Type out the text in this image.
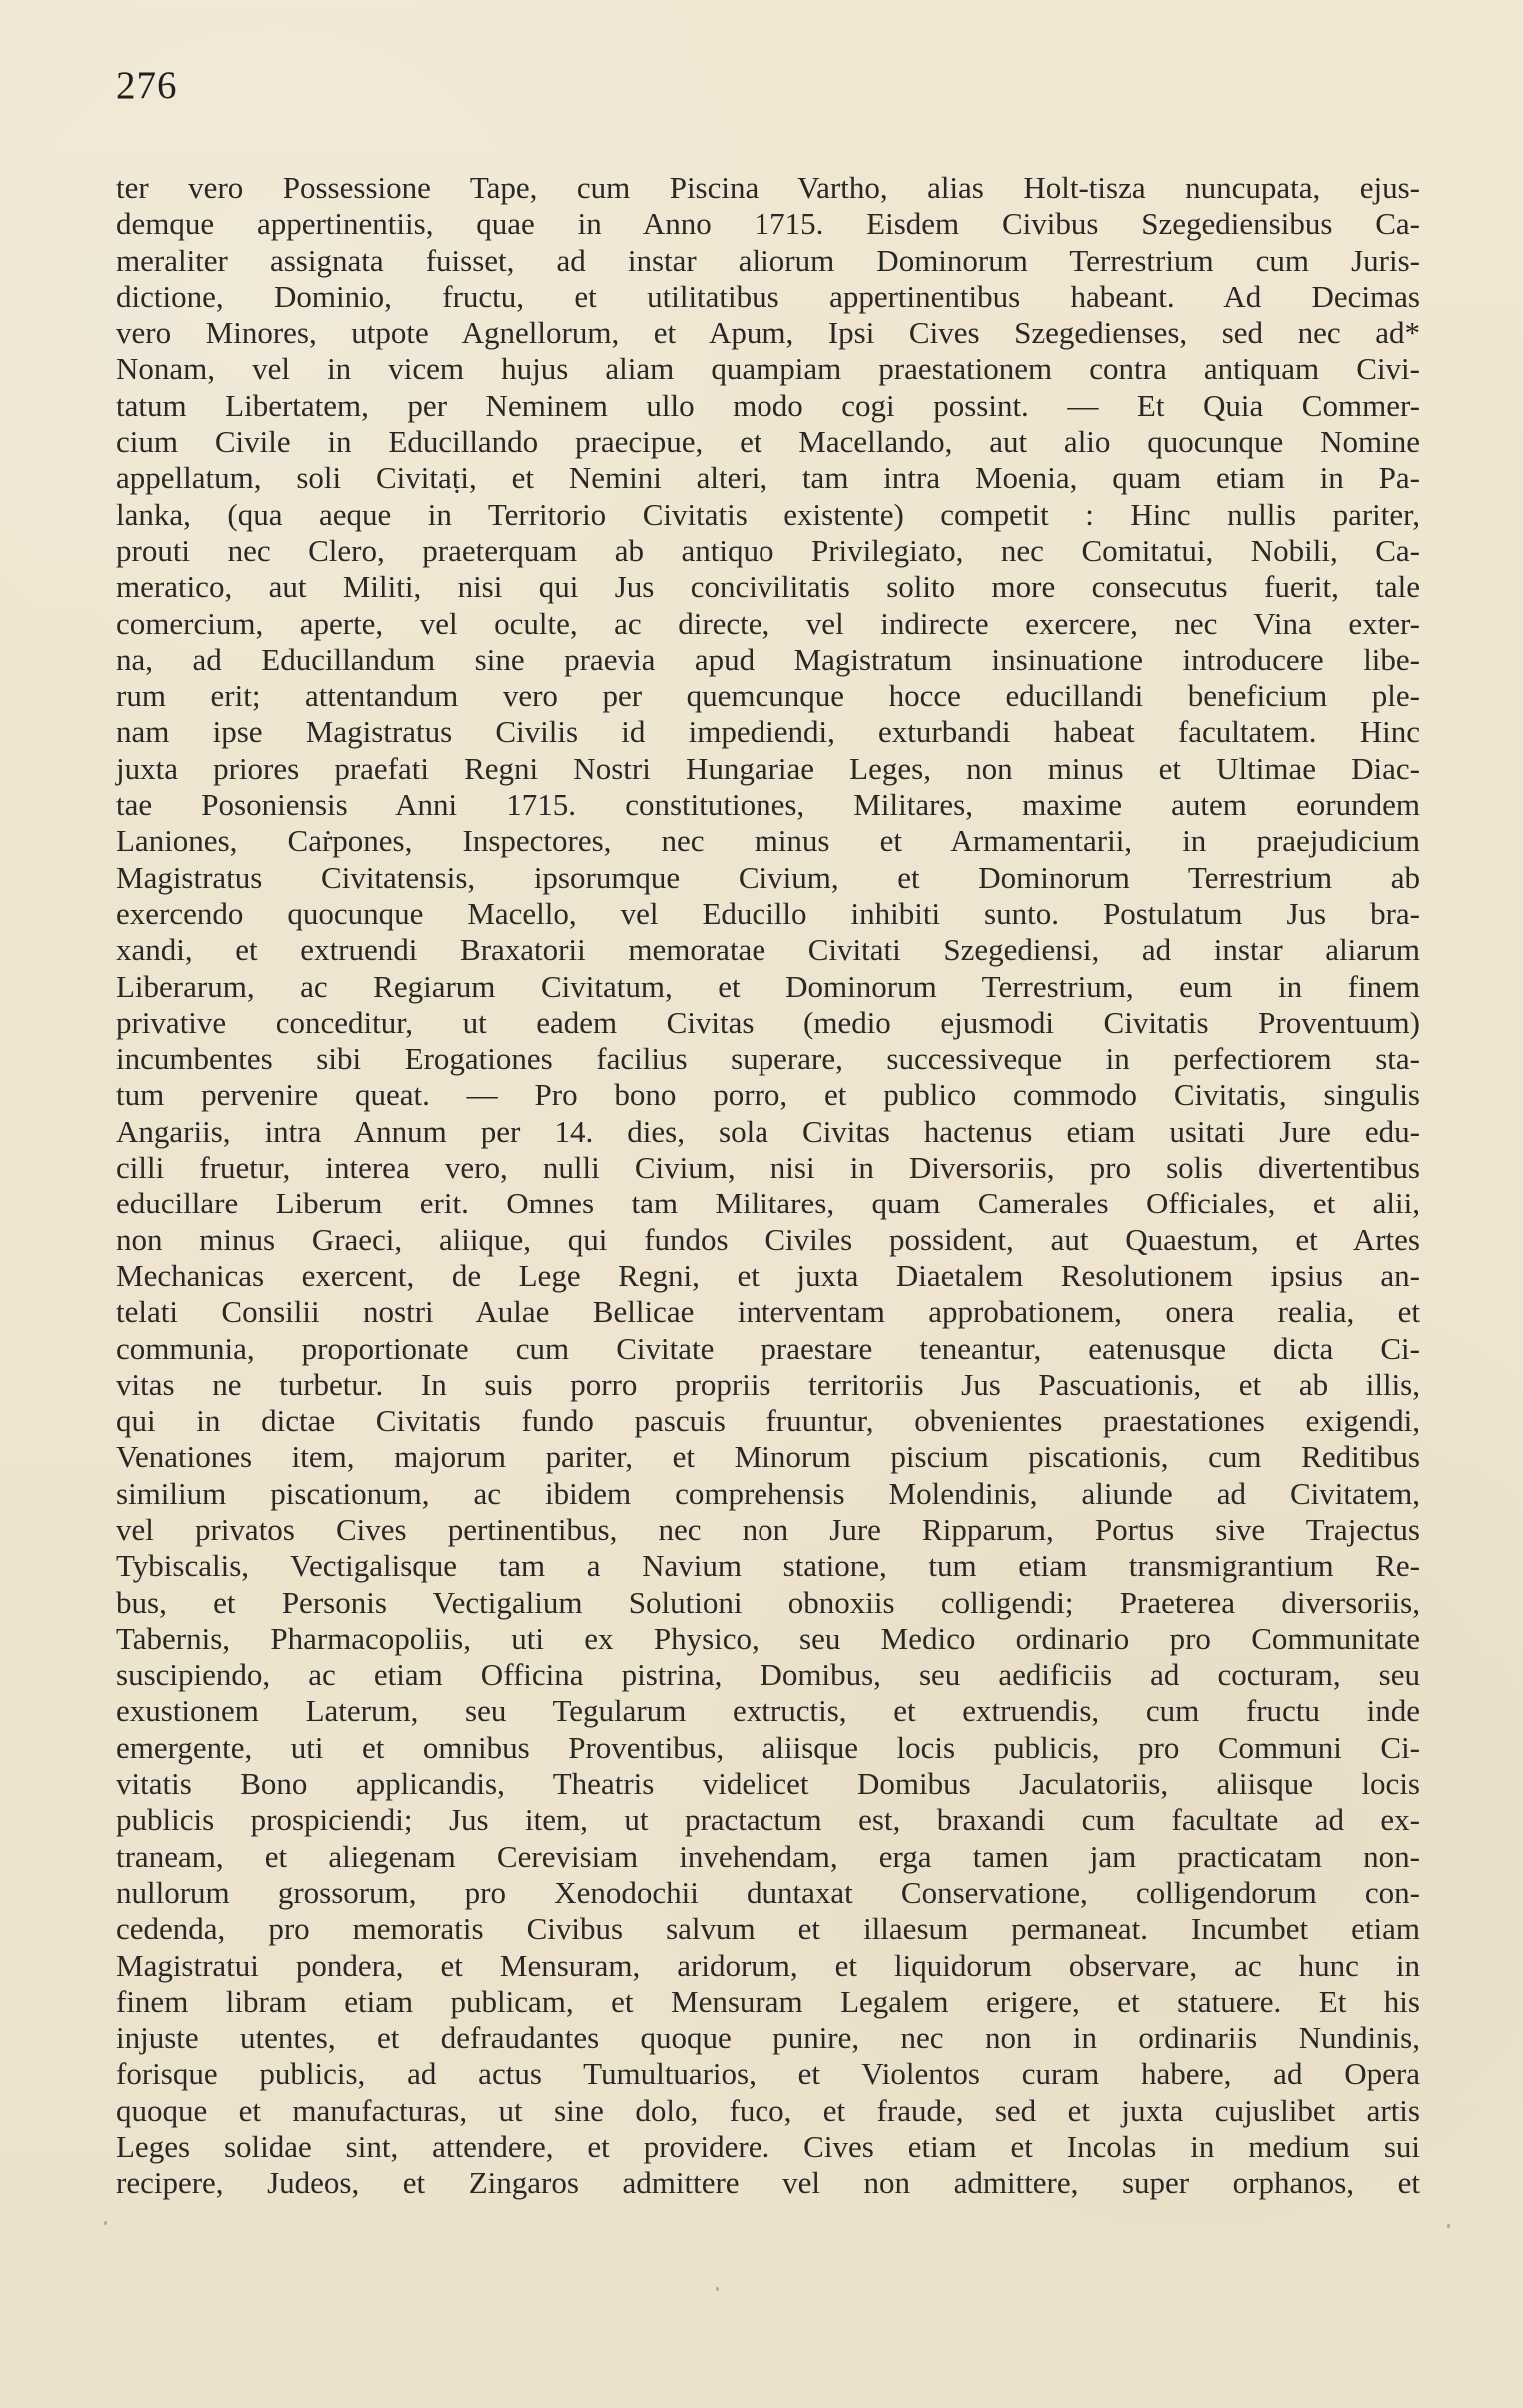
276
ter vero Possessione Tape, cum Piscina Vartho, alias Holt-tisza nuncupata, ejus-
demque appertinentiis, quae in Anno 1715. Eisdem Civibus Szegediensibus Ca-
meraliter assignata fuisset, ad instar aliorum Dominorum Terrestrium cum Juris-
dictione, Dominio, fructu, et utilitatibus appertinentibus habeant. Ad Decimas
vero Minores, utpote Agnellorum, et Apum, Ipsi Cives Szegedienses, sed nec ad*
Nonam, vel in vicem hujus aliam quampiam praestationem contra antiquam Civi-
tatum Libertatem, per Neminem ullo modo cogi possint. — Et Quia Commer-
cium Civile in Educillando praecipue, et Macellando, aut alio quocunque Nomine
appellatum, soli Civitaṭi, et Nemini alteri, tam intra Moenia, quam etiam in Pa-
lanka, (qua aeque in Territorio Civitatis existente) competit : Hinc nullis pariter,
prouti nec Clero, praeterquam ab antiquo Privilegiato, nec Comitatui, Nobili, Ca-
meratico, aut Militi, nisi qui Jus concivilitatis solito more consecutus fuerit, tale
comercium, aperte, vel oculte, ac directe, vel indirecte exercere, nec Vina exter-
na, ad Educillandum sine praevia apud Magistratum insinuatione introducere libe-
rum erit; attentandum vero per quemcunque hocce educillandi beneficium ple-
nam ipse Magistratus Civilis id impediendi, exturbandi habeat facultatem. Hinc
juxta priores praefati Regni Nostri Hungariae Leges, non minus et Ultimae Diac-
tae Posoniensis Anni 1715. constitutiones, Militares, maxime autem eorundem
Laniones, Caṙpones, Inspectores, nec minus et Armamentarii, in praejudicium
Magistratus Civitatensis, ipsorumque Civium, et Dominorum Terrestrium ab
exercendo quocunque Macello, vel Educillo inhibiti sunto. Postulatum Jus bra-
xandi, et extruendi Braxatorii memoratae Civitati Szegediensi, ad instar aliarum
Liberarum, ac Regiarum Civitatum, et Dominorum Terrestrium, eum in finem
privative conceditur, ut eadem Civitas (medio ejusmodi Civitatis Proventuum)
incumbentes sibi Erogationes facilius superare, successiveque in perfectiorem sta-
tum pervenire queat. — Pro bono porro, et publico commodo Civitatis, singulis
Angariis, intra Annum per 14. dies, sola Civitas hactenus etiam usitati Jure edu-
cilli fruetur, interea vero, nulli Civium, nisi in Diversoriis, pro solis divertentibus
educillare Liberum erit. Omnes tam Militares, quam Camerales Officiales, et alii,
non minus Graeci, aliique, qui fundos Civiles possident, aut Quaestum, et Artes
Mechanicas exercent, de Lege Regni, et juxta Diaetalem Resolutionem ipsius an-
telati Consilii nostri Aulae Bellicae interventam approbationem, onera realia, et
communia, proportionate cum Civitate praestare teneantur, eatenusque dicta Ci-
vitas ne turbetur. In suis porro propriis territoriis Jus Pascuationis, et ab illis,
qui in dictae Civitatis fundo pascuis fruuntur, obvenientes praestationes exigendi,
Venationes item, majorum pariter, et Minorum piscium piscationis, cum Reditibus
similium piscationum, ac ibidem comprehensis Molendinis, aliunde ad Civitatem,
vel privatos Cives pertinentibus, nec non Jure Ripparum, Portus sive Trajectus
Tybiscalis, Vectigalisque tam a Navium statione, tum etiam transmigrantium Re-
bus, et Personis Vectigalium Solutioni obnoxiis colligendi; Praeterea diversoriis,
Tabernis, Pharmacopoliis, uti ex Physico, seu Medico ordinario pro Communitate
suscipiendo, ac etiam Officina pistrina, Domibus, seu aedificiis ad cocturam, seu
exustionem Laterum, seu Tegularum extructis, et extruendis, cum fructu inde
emergente, uti et omnibus Proventibus, aliisque locis publicis, pro Communi Ci-
vitatis Bono applicandis, Theatris videlicet Domibus Jaculatoriis, aliisque locis
publicis prospiciendi; Jus item, ut practactum est, braxandi cum facultate ad ex-
traneam, et aliegenam Cerevisiam invehendam, erga tamen jam practicatam non-
nullorum grossorum, pro Xenodochii duntaxat Conservatione, colligendorum con-
cedenda, pro memoratis Civibus salvum et illaesum permaneat. Incumbet etiam
Magistratui pondera, et Mensuram, aridorum, et liquidorum observare, ac hunc in
finem libram etiam publicam, et Mensuram Legalem erigere, et statuere. Et his
injuste utentes, et defraudantes quoque punire, nec non in ordinariis Nundinis,
forisque publicis, ad actus Tumultuarios, et Violentos curam habere, ad Opera
quoque et manufacturas, ut sine dolo, fuco, et fraude, sed et juxta cujuslibet artis
Leges solidae sint, attendere, et providere. Cives etiam et Incolas in medium sui
recipere, Judeos, et Zingaros admittere vel non admittere, super orphanos, et
